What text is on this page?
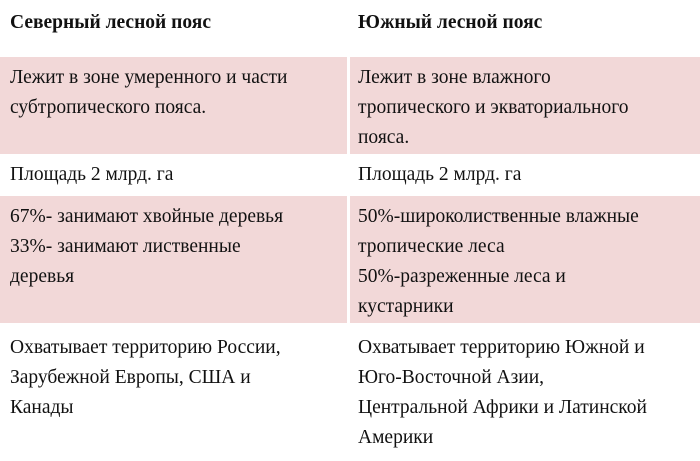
Северный лесной пояс	Южный лесной пояс
Лежит в зоне умеренного и части
субтропического пояса.
Лежит в зоне влажного
тропического и экваториального
пояса.
Площадь 2 млрд. га	Площадь 2 млрд. га
67%- занимают хвойные деревья
33%- занимают лиственные
деревья
50%-широколиственные влажные
тропические леса
50%-разреженные леса и
кустарники
Охватывает территорию России,
Зарубежной Европы, США и
Канады
Охватывает территорию Южной и
Юго-Восточной Азии,
Центральной Африки и Латинской
Америки
